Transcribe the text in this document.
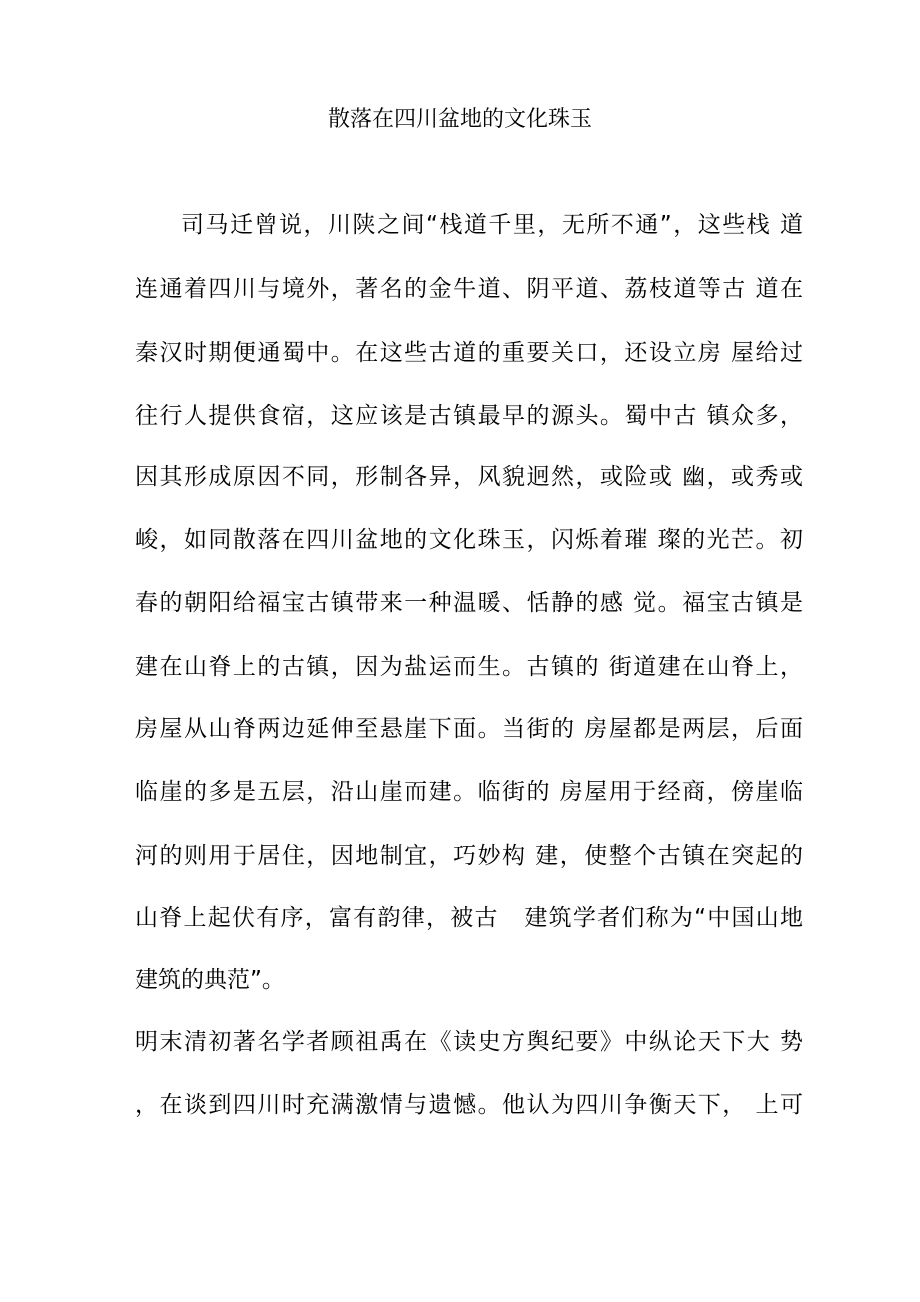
散落在四川盆地的文化珠玉
司马迁曾说，川陕之间“栈道千里，无所不通”，这些栈 道
连通着四川与境外，著名的金牛道、阴平道、荔枝道等古 道在
秦汉时期便通蜀中。在这些古道的重要关口，还设立房 屋给过
往行人提供食宿，这应该是古镇最早的源头。蜀中古 镇众多，
因其形成原因不同，形制各异，风貌迥然，或险或 幽，或秀或
峻，如同散落在四川盆地的文化珠玉，闪烁着璀 璨的光芒。初
春的朝阳给福宝古镇带来一种温暖、恬静的感 觉。福宝古镇是
建在山脊上的古镇，因为盐运而生。古镇的 街道建在山脊上，
房屋从山脊两边延伸至悬崖下面。当街的 房屋都是两层，后面
临崖的多是五层，沿山崖而建。临街的 房屋用于经商，傍崖临
河的则用于居住，因地制宜，巧妙构 建，使整个古镇在突起的
山脊上起伏有序，富有韵律，被古   建筑学者们称为“中国山地
建筑的典范”。
明末清初著名学者顾祖禹在《读史方舆纪要》中纵论天下大 势
，在谈到四川时充满激情与遗憾。他认为四川争衡天下， 上可
